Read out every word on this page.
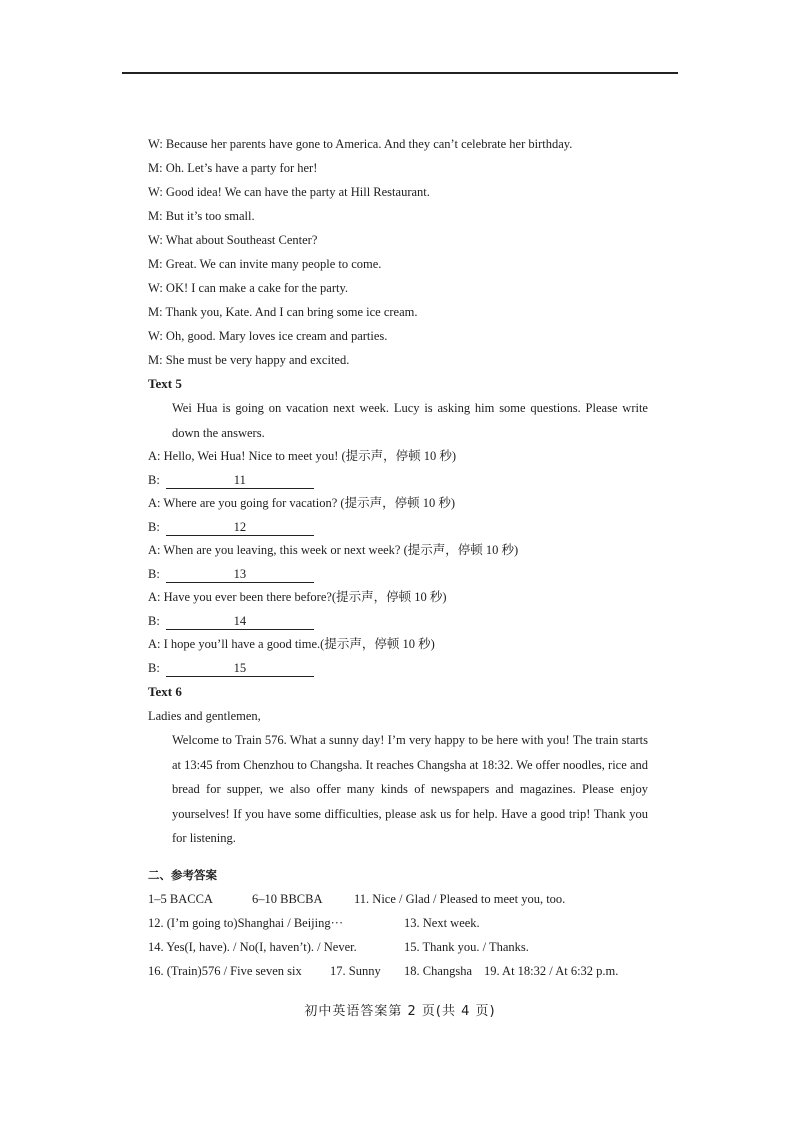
W: Because her parents have gone to America. And they can’t celebrate her birthday.
M: Oh. Let’s have a party for her!
W: Good idea! We can have the party at Hill Restaurant.
M: But it’s too small.
W: What about Southeast Center?
M: Great. We can invite many people to come.
W: OK! I can make a cake for the party.
M: Thank you, Kate. And I can bring some ice cream.
W: Oh, good. Mary loves ice cream and parties.
M: She must be very happy and excited.
Text 5

Wei Hua is going on vacation next week. Lucy is asking him some questions. Please write down the answers.

A: Hello, Wei Hua! Nice to meet you! (提示声，停顿 10 秒)
B:	11
A: Where are you going for vacation? (提示声，停顿 10 秒)
B:	12
A: When are you leaving, this week or next week? (提示声，停顿 10 秒)
B:	13
A: Have you ever been there before?(提示声，停顿 10 秒)
B:	14
A: I hope you’ll have a good time.(提示声，停顿 10 秒)
B:	15
Text 6
Ladies and gentlemen,

Welcome to Train 576. What a sunny day! I’m very happy to be here with you! The train starts at 13:45 from Chenzhou to Changsha. It reaches Changsha at 18:32. We offer noodles, rice and bread for supper, we also offer many kinds of newspapers and magazines. Please enjoy yourselves! If you have some difficulties, please ask us for help. Have a good trip! Thank you for listening.

二、参考答案
1–5 BACCA	6–10 BBCBA	11. Nice / Glad / Pleased to meet you, too.
12. (I’m going to)Shanghai / Beijing···	13. Next week.
14. Yes(I, have). / No(I, haven’t). / Never.	15. Thank you. / Thanks.
16. (Train)576 / Five seven six 17. Sunny 18. Changsha 19. At 18:32 / At 6:32 p.m.
初中英语答案第 2 页(共 4 页)
